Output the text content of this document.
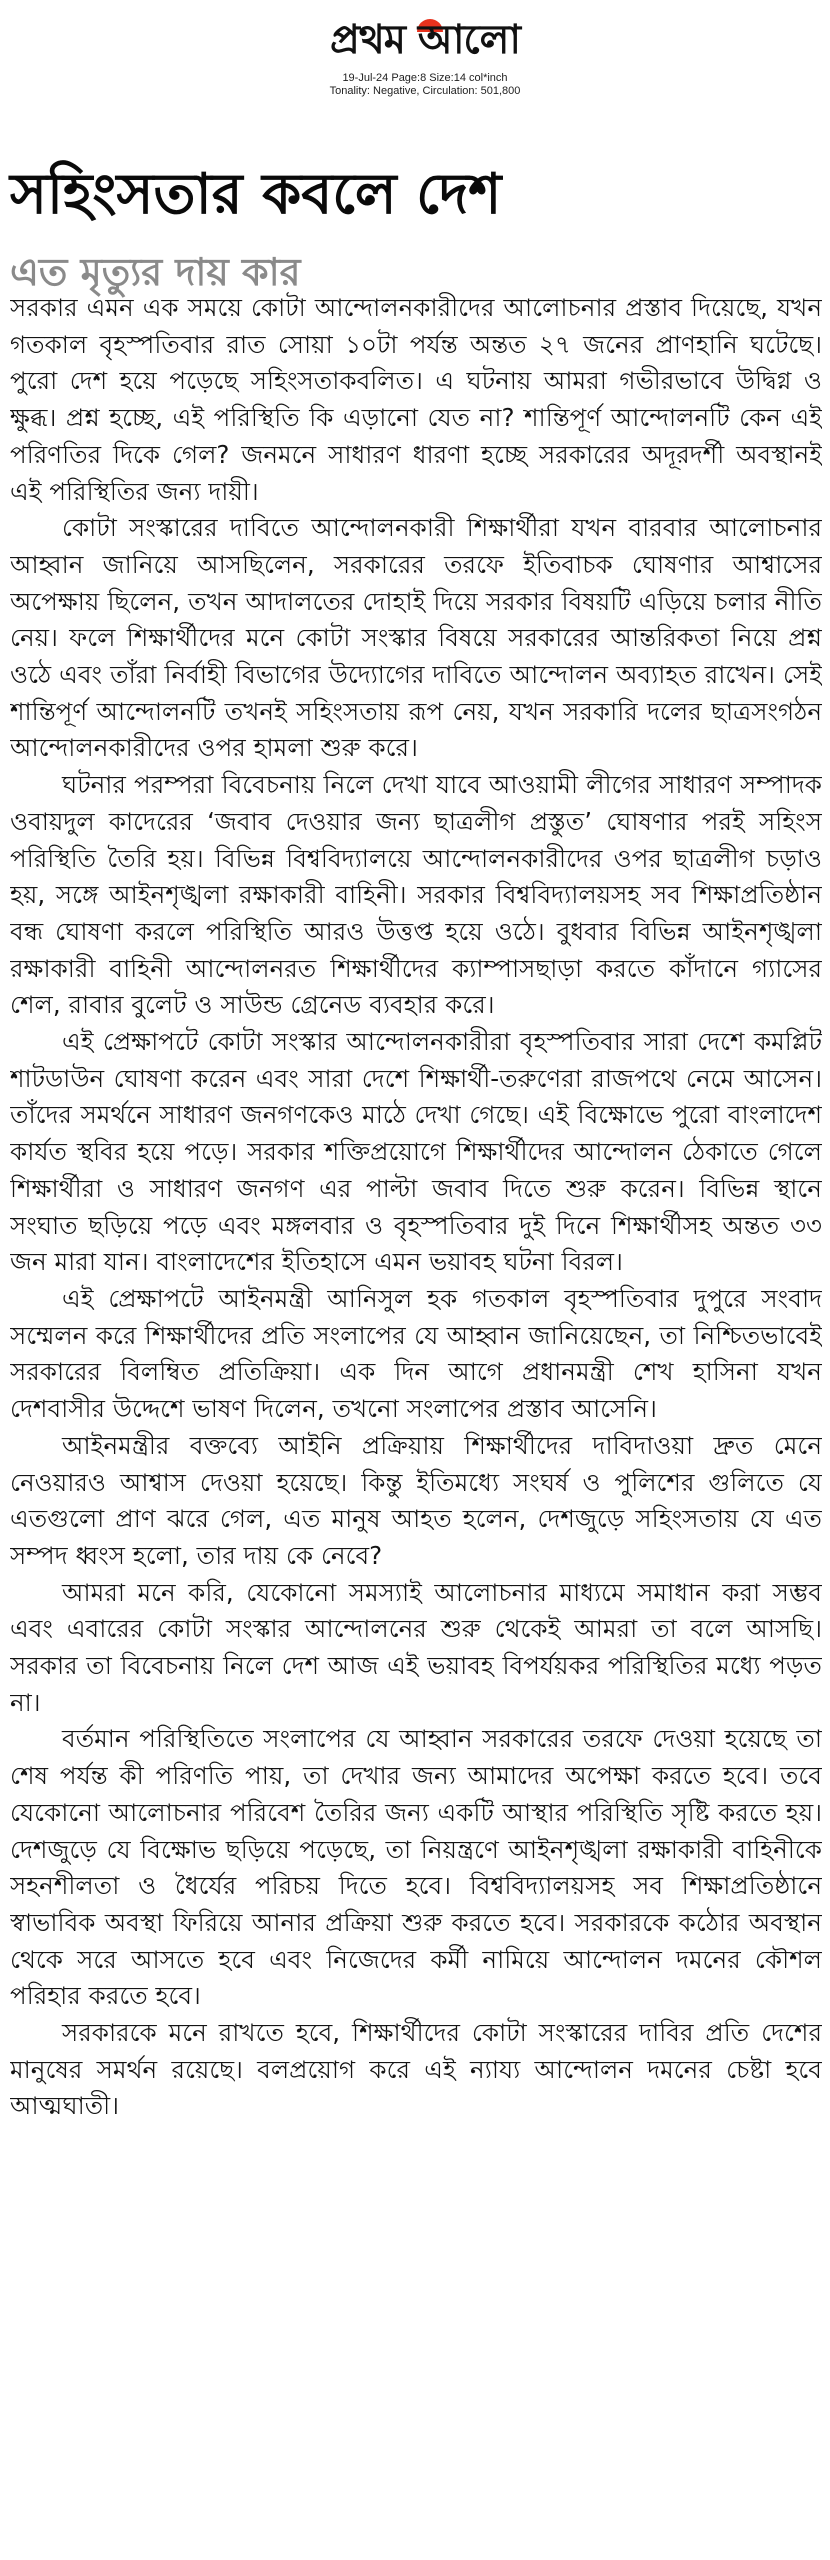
প্রথম আলো
19-Jul-24 Page:8 Size:14 col*inch
Tonality: Negative, Circulation: 501,800
সহিংসতার কবলে দেশ
এত মৃত্যুর দায় কার

সরকার এমন এক সময়ে কোটা আন্দোলনকারীদের আলোচনার প্রস্তাব দিয়েছে, যখন গতকাল বৃহস্পতিবার রাত সোয়া ১০টা পর্যন্ত অন্তত ২৭ জনের প্রাণহানি ঘটেছে। পুরো দেশ হয়ে পড়েছে সহিংসতাকবলিত। এ ঘটনায় আমরা গভীরভাবে উদ্বিগ্ন ও ক্ষুব্ধ। প্রশ্ন হচ্ছে, এই পরিস্থিতি কি এড়ানো যেত না? শান্তিপূর্ণ আন্দোলনটি কেন এই পরিণতির দিকে গেল? জনমনে সাধারণ ধারণা হচ্ছে সরকারের অদূরদর্শী অবস্থানই এই পরিস্থিতির জন্য দায়ী।

কোটা সংস্কারের দাবিতে আন্দোলনকারী শিক্ষার্থীরা যখন বারবার আলোচনার আহ্বান জানিয়ে আসছিলেন, সরকারের তরফে ইতিবাচক ঘোষণার আশ্বাসের অপেক্ষায় ছিলেন, তখন আদালতের দোহাই দিয়ে সরকার বিষয়টি এড়িয়ে চলার নীতি নেয়। ফলে শিক্ষার্থীদের মনে কোটা সংস্কার বিষয়ে সরকারের আন্তরিকতা নিয়ে প্রশ্ন ওঠে এবং তাঁরা নির্বাহী বিভাগের উদ্যোগের দাবিতে আন্দোলন অব্যাহত রাখেন। সেই শান্তিপূর্ণ আন্দোলনটি তখনই সহিংসতায় রূপ নেয়, যখন সরকারি দলের ছাত্রসংগঠন আন্দোলনকারীদের ওপর হামলা শুরু করে।

ঘটনার পরম্পরা বিবেচনায় নিলে দেখা যাবে আওয়ামী লীগের সাধারণ সম্পাদক ওবায়দুল কাদেরের ‘জবাব দেওয়ার জন্য ছাত্রলীগ প্রস্তুত’ ঘোষণার পরই সহিংস পরিস্থিতি তৈরি হয়। বিভিন্ন বিশ্ববিদ্যালয়ে আন্দোলনকারীদের ওপর ছাত্রলীগ চড়াও হয়, সঙ্গে আইনশৃঙ্খলা রক্ষাকারী বাহিনী। সরকার বিশ্ববিদ্যালয়সহ সব শিক্ষাপ্রতিষ্ঠান বন্ধ ঘোষণা করলে পরিস্থিতি আরও উত্তপ্ত হয়ে ওঠে। বুধবার বিভিন্ন আইনশৃঙ্খলা রক্ষাকারী বাহিনী আন্দোলনরত শিক্ষার্থীদের ক্যাম্পাসছাড়া করতে কাঁদানে গ্যাসের শেল, রাবার বুলেট ও সাউন্ড গ্রেনেড ব্যবহার করে।

এই প্রেক্ষাপটে কোটা সংস্কার আন্দোলনকারীরা বৃহস্পতিবার সারা দেশে কমপ্লিট শাটডাউন ঘোষণা করেন এবং সারা দেশে শিক্ষার্থী-তরুণেরা রাজপথে নেমে আসেন। তাঁদের সমর্থনে সাধারণ জনগণকেও মাঠে দেখা গেছে। এই বিক্ষোভে পুরো বাংলাদেশ কার্যত স্থবির হয়ে পড়ে। সরকার শক্তিপ্রয়োগে শিক্ষার্থীদের আন্দোলন ঠেকাতে গেলে শিক্ষার্থীরা ও সাধারণ জনগণ এর পাল্টা জবাব দিতে শুরু করেন। বিভিন্ন স্থানে সংঘাত ছড়িয়ে পড়ে এবং মঙ্গলবার ও বৃহস্পতিবার দুই দিনে শিক্ষার্থীসহ অন্তত ৩৩ জন মারা যান। বাংলাদেশের ইতিহাসে এমন ভয়াবহ ঘটনা বিরল।

এই প্রেক্ষাপটে আইনমন্ত্রী আনিসুল হক গতকাল বৃহস্পতিবার দুপুরে সংবাদ সম্মেলন করে শিক্ষার্থীদের প্রতি সংলাপের যে আহ্বান জানিয়েছেন, তা নিশ্চিতভাবেই সরকারের বিলম্বিত প্রতিক্রিয়া। এক দিন আগে প্রধানমন্ত্রী শেখ হাসিনা যখন দেশবাসীর উদ্দেশে ভাষণ দিলেন, তখনো সংলাপের প্রস্তাব আসেনি।

আইনমন্ত্রীর বক্তব্যে আইনি প্রক্রিয়ায় শিক্ষার্থীদের দাবিদাওয়া দ্রুত মেনে নেওয়ারও আশ্বাস দেওয়া হয়েছে। কিন্তু ইতিমধ্যে সংঘর্ষ ও পুলিশের গুলিতে যে এতগুলো প্রাণ ঝরে গেল, এত মানুষ আহত হলেন, দেশজুড়ে সহিংসতায় যে এত সম্পদ ধ্বংস হলো, তার দায় কে নেবে?

আমরা মনে করি, যেকোনো সমস্যাই আলোচনার মাধ্যমে সমাধান করা সম্ভব এবং এবারের কোটা সংস্কার আন্দোলনের শুরু থেকেই আমরা তা বলে আসছি। সরকার তা বিবেচনায় নিলে দেশ আজ এই ভয়াবহ বিপর্যয়কর পরিস্থিতির মধ্যে পড়ত না।

বর্তমান পরিস্থিতিতে সংলাপের যে আহ্বান সরকারের তরফে দেওয়া হয়েছে তা শেষ পর্যন্ত কী পরিণতি পায়, তা দেখার জন্য আমাদের অপেক্ষা করতে হবে। তবে যেকোনো আলোচনার পরিবেশ তৈরির জন্য একটি আস্থার পরিস্থিতি সৃষ্টি করতে হয়। দেশজুড়ে যে বিক্ষোভ ছড়িয়ে পড়েছে, তা নিয়ন্ত্রণে আইনশৃঙ্খলা রক্ষাকারী বাহিনীকে সহনশীলতা ও ধৈর্যের পরিচয় দিতে হবে। বিশ্ববিদ্যালয়সহ সব শিক্ষাপ্রতিষ্ঠানে স্বাভাবিক অবস্থা ফিরিয়ে আনার প্রক্রিয়া শুরু করতে হবে। সরকারকে কঠোর অবস্থান থেকে সরে আসতে হবে এবং নিজেদের কর্মী নামিয়ে আন্দোলন দমনের কৌশল পরিহার করতে হবে।

সরকারকে মনে রাখতে হবে, শিক্ষার্থীদের কোটা সংস্কারের দাবির প্রতি দেশের মানুষের সমর্থন রয়েছে। বলপ্রয়োগ করে এই ন্যায্য আন্দোলন দমনের চেষ্টা হবে আত্মঘাতী।
